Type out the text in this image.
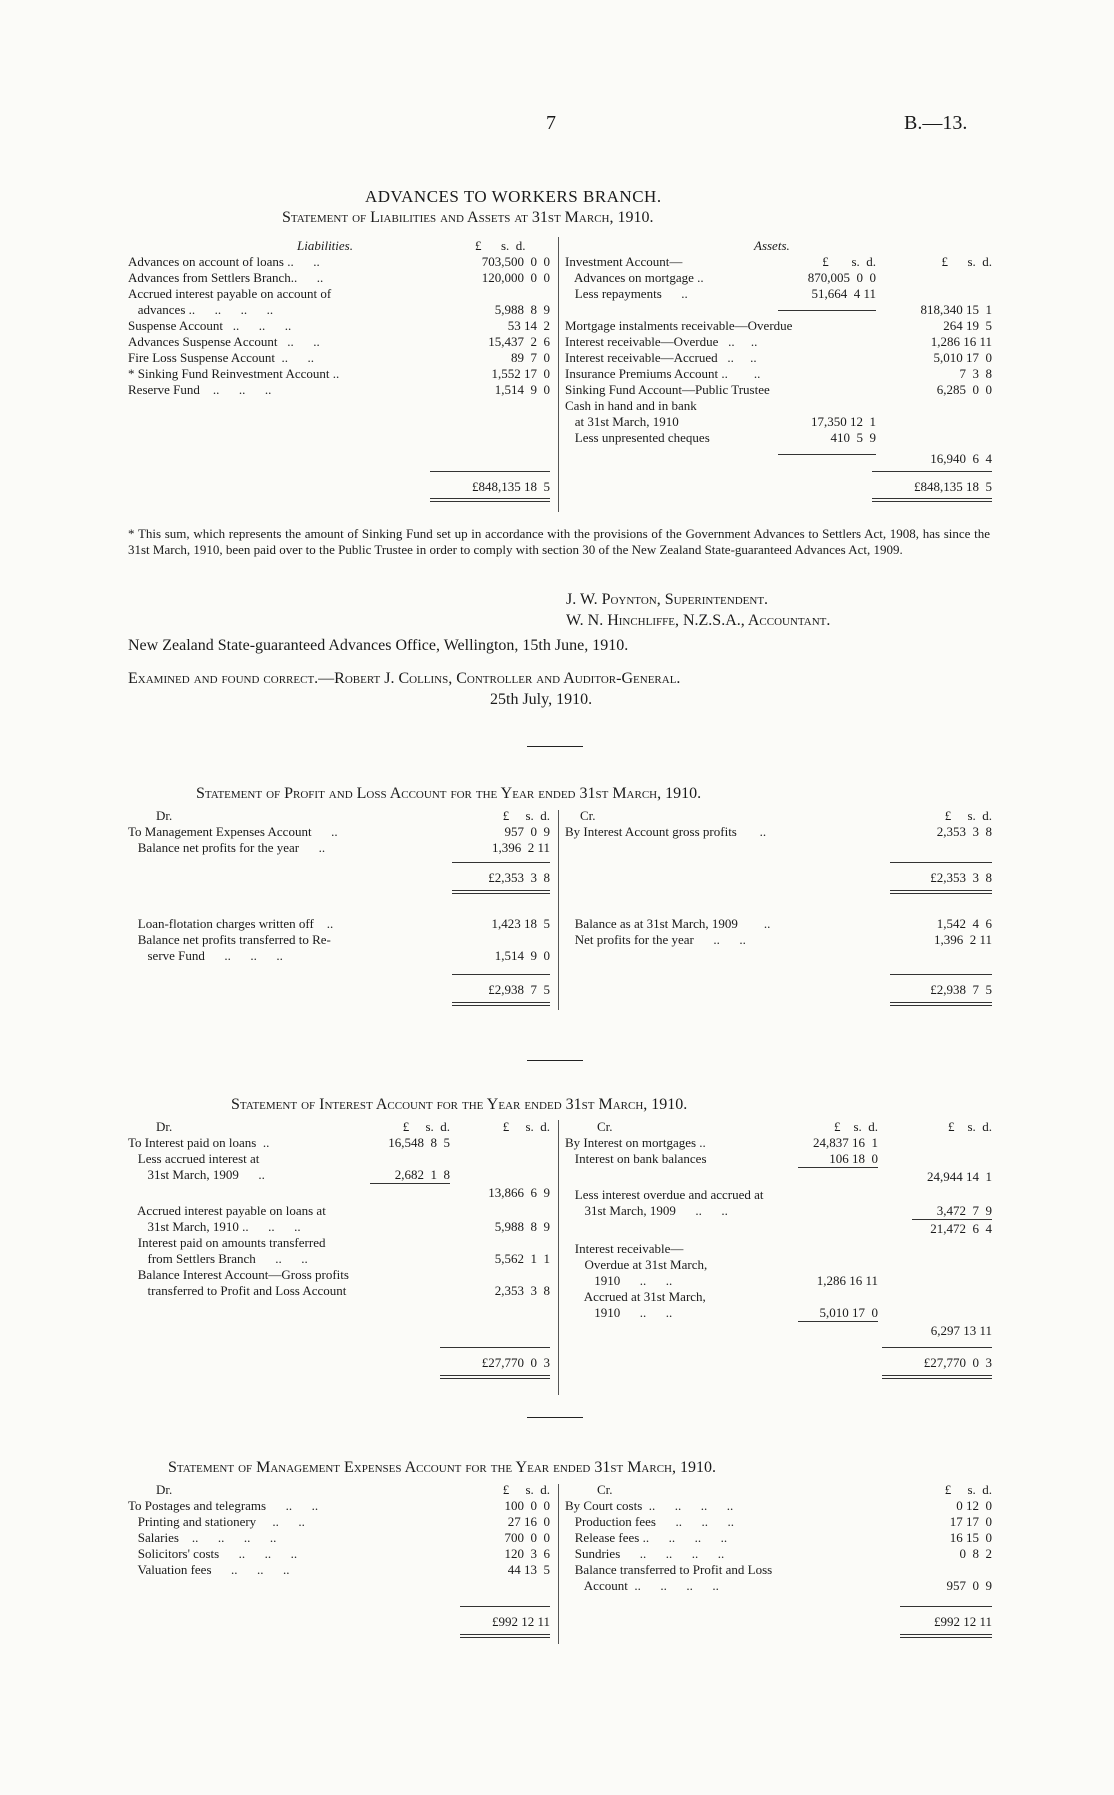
7	B.—13.
ADVANCES TO WORKERS BRANCH.
Statement of Liabilities and Assets at 31st March, 1910.
Liabilities.	£      s.  d.	Assets.
Advances on account of loans ..      ..	703,500  0  0
Advances from Settlers Branch..      ..	120,000  0  0
Accrued interest payable on account of
advances ..      ..      ..      ..	5,988  8  9
Suspense Account   ..      ..      ..	53 14  2
Advances Suspense Account   ..      ..	15,437  2  6
Fire Loss Suspense Account  ..      ..	89  7  0
* Sinking Fund Reinvestment Account ..	1,552 17  0
Reserve Fund    ..      ..      ..	1,514  9  0
Investment Account—	£       s.  d.	£      s.  d.
Advances on mortgage ..	870,005  0  0
Less repayments      ..	51,664  4 11
818,340 15  1
Mortgage instalments receivable—Overdue	264 19  5
Interest receivable—Overdue   ..     ..	1,286 16 11
Interest receivable—Accrued   ..     ..	5,010 17  0
Insurance Premiums Account ..        ..	7  3  8
Sinking Fund Account—Public Trustee	6,285  0  0
Cash in hand and in bank
at 31st March, 1910	17,350 12  1
Less unpresented cheques	410  5  9
16,940  6  4
£848,135 18  5	£848,135 18  5
* This sum, which represents the amount of Sinking Fund set up in accordance with the provisions of the Government Advances to Settlers Act, 1908, has since the 31st March, 1910, been paid over to the Public Trustee in order to comply with section 30 of the New Zealand State-guaranteed Advances Act, 1909.
J. W. Poynton, Superintendent.
W. N. Hinchliffe, N.Z.S.A., Accountant.
New Zealand State-guaranteed Advances Office, Wellington, 15th June, 1910.
Examined and found correct.—Robert J. Collins, Controller and Auditor-General.
25th July, 1910.
Statement of Profit and Loss Account for the Year ended 31st March, 1910.
Dr.	£     s.  d. Cr.	£     s.  d.
To Management Expenses Account      ..	957  0  9
Balance net profits for the year      ..	1,396  2 11
By Interest Account gross profits       ..	2,353  3  8
£2,353  3  8	£2,353  3  8
Loan-flotation charges written off    ..	1,423 18  5
Balance net profits transferred to Re-
serve Fund      ..      ..      ..	1,514  9  0
Balance as at 31st March, 1909        ..	1,542  4  6
Net profits for the year      ..      ..	1,396  2 11
£2,938  7  5	£2,938  7  5
Statement of Interest Account for the Year ended 31st March, 1910.
Dr.	£     s.  d.	£     s.  d.	Cr.	£    s.  d.	£    s.  d.
To Interest paid on loans  ..	16,548  8  5
Less accrued interest at
31st March, 1909      ..	2,682  1  8
13,866  6  9
Accrued interest payable on loans at
31st March, 1910 ..      ..      ..	5,988  8  9
Interest paid on amounts transferred
from Settlers Branch      ..      ..	5,562  1  1
Balance Interest Account—Gross profits
transferred to Profit and Loss Account	2,353  3  8
By Interest on mortgages ..	24,837 16  1
Interest on bank balances	106 18  0
24,944 14  1
Less interest overdue and accrued at
31st March, 1909      ..      ..	3,472  7  9
21,472  6  4
Interest receivable—
Overdue at 31st March,
1910      ..      ..	1,286 16 11
Accrued at 31st March,
1910      ..      ..	5,010 17  0
6,297 13 11
£27,770  0  3	£27,770  0  3
Statement of Management Expenses Account for the Year ended 31st March, 1910.
Dr.	£     s.  d.	Cr.	£     s.  d.
To Postages and telegrams      ..      ..	100  0  0
Printing and stationery     ..      ..	27 16  0
Salaries    ..      ..      ..      ..	700  0  0
Solicitors' costs      ..      ..      ..	120  3  6
Valuation fees      ..      ..      ..	44 13  5
By Court costs  ..      ..      ..      ..	0 12  0
Production fees      ..      ..      ..	17 17  0
Release fees ..      ..      ..      ..	16 15  0
Sundries      ..      ..      ..      ..	0  8  2
Balance transferred to Profit and Loss
Account  ..      ..      ..      ..	957  0  9
£992 12 11	£992 12 11
